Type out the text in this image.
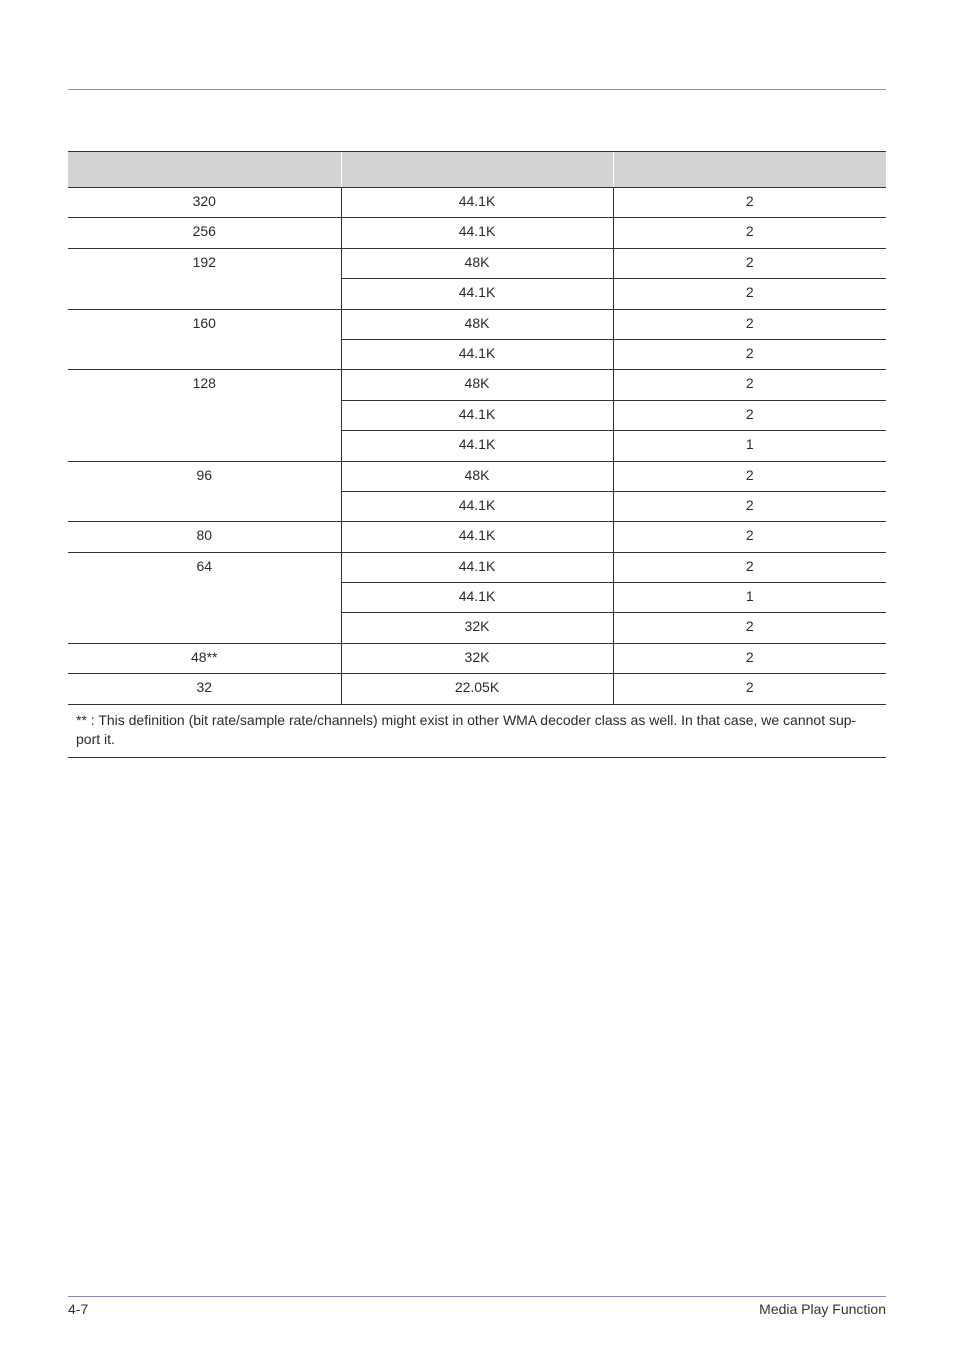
320	44.1K	2
256	44.1K	2
192	48K	2
	44.1K	2
160	48K	2
	44.1K	2
128	48K	2
	44.1K	2
	44.1K	1
96	48K	2
	44.1K	2
80	44.1K	2
64	44.1K	2
	44.1K	1
	32K	2
48**	32K	2
32	22.05K	2
** : This definition (bit rate/sample rate/channels) might exist in other WMA decoder class as well. In that case, we cannot sup-port it.		
4-7	Media Play Function
